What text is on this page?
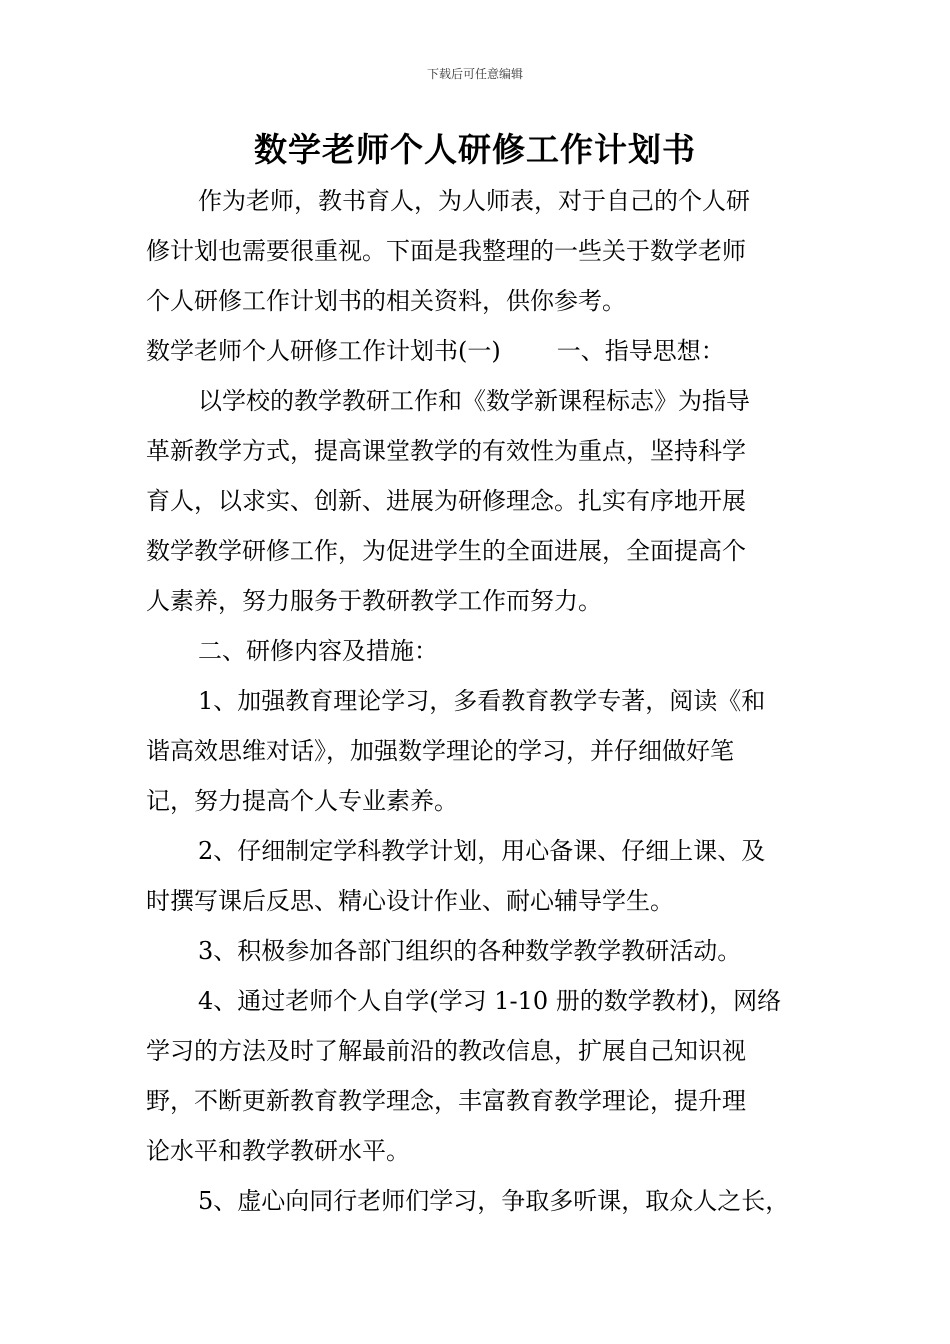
下载后可任意编辑
数学老师个人研修工作计划书
作为老师，教书育人，为人师表，对于自己的个人研
修计划也需要很重视。下面是我整理的一些关于数学老师
个人研修工作计划书的相关资料，供你参考。
数学老师个人研修工作计划书(一) 一、指导思想：
以学校的教学教研工作和《数学新课程标志》为指导
革新教学方式，提高课堂教学的有效性为重点，坚持科学
育人，以求实、创新、进展为研修理念。扎实有序地开展
数学教学研修工作，为促进学生的全面进展，全面提高个
人素养，努力服务于教研教学工作而努力。
二、研修内容及措施：
1、加强教育理论学习，多看教育教学专著，阅读《和
谐高效思维对话》，加强数学理论的学习，并仔细做好笔
记，努力提高个人专业素养。
2、仔细制定学科教学计划，用心备课、仔细上课、及
时撰写课后反思、精心设计作业、耐心辅导学生。
3、积极参加各部门组织的各种数学教学教研活动。
4、通过老师个人自学(学习 1-10 册的数学教材)，网络
学习的方法及时了解最前沿的教改信息，扩展自己知识视
野，不断更新教育教学理念，丰富教育教学理论，提升理
论水平和教学教研水平。
5、虚心向同行老师们学习，争取多听课，取众人之长，
